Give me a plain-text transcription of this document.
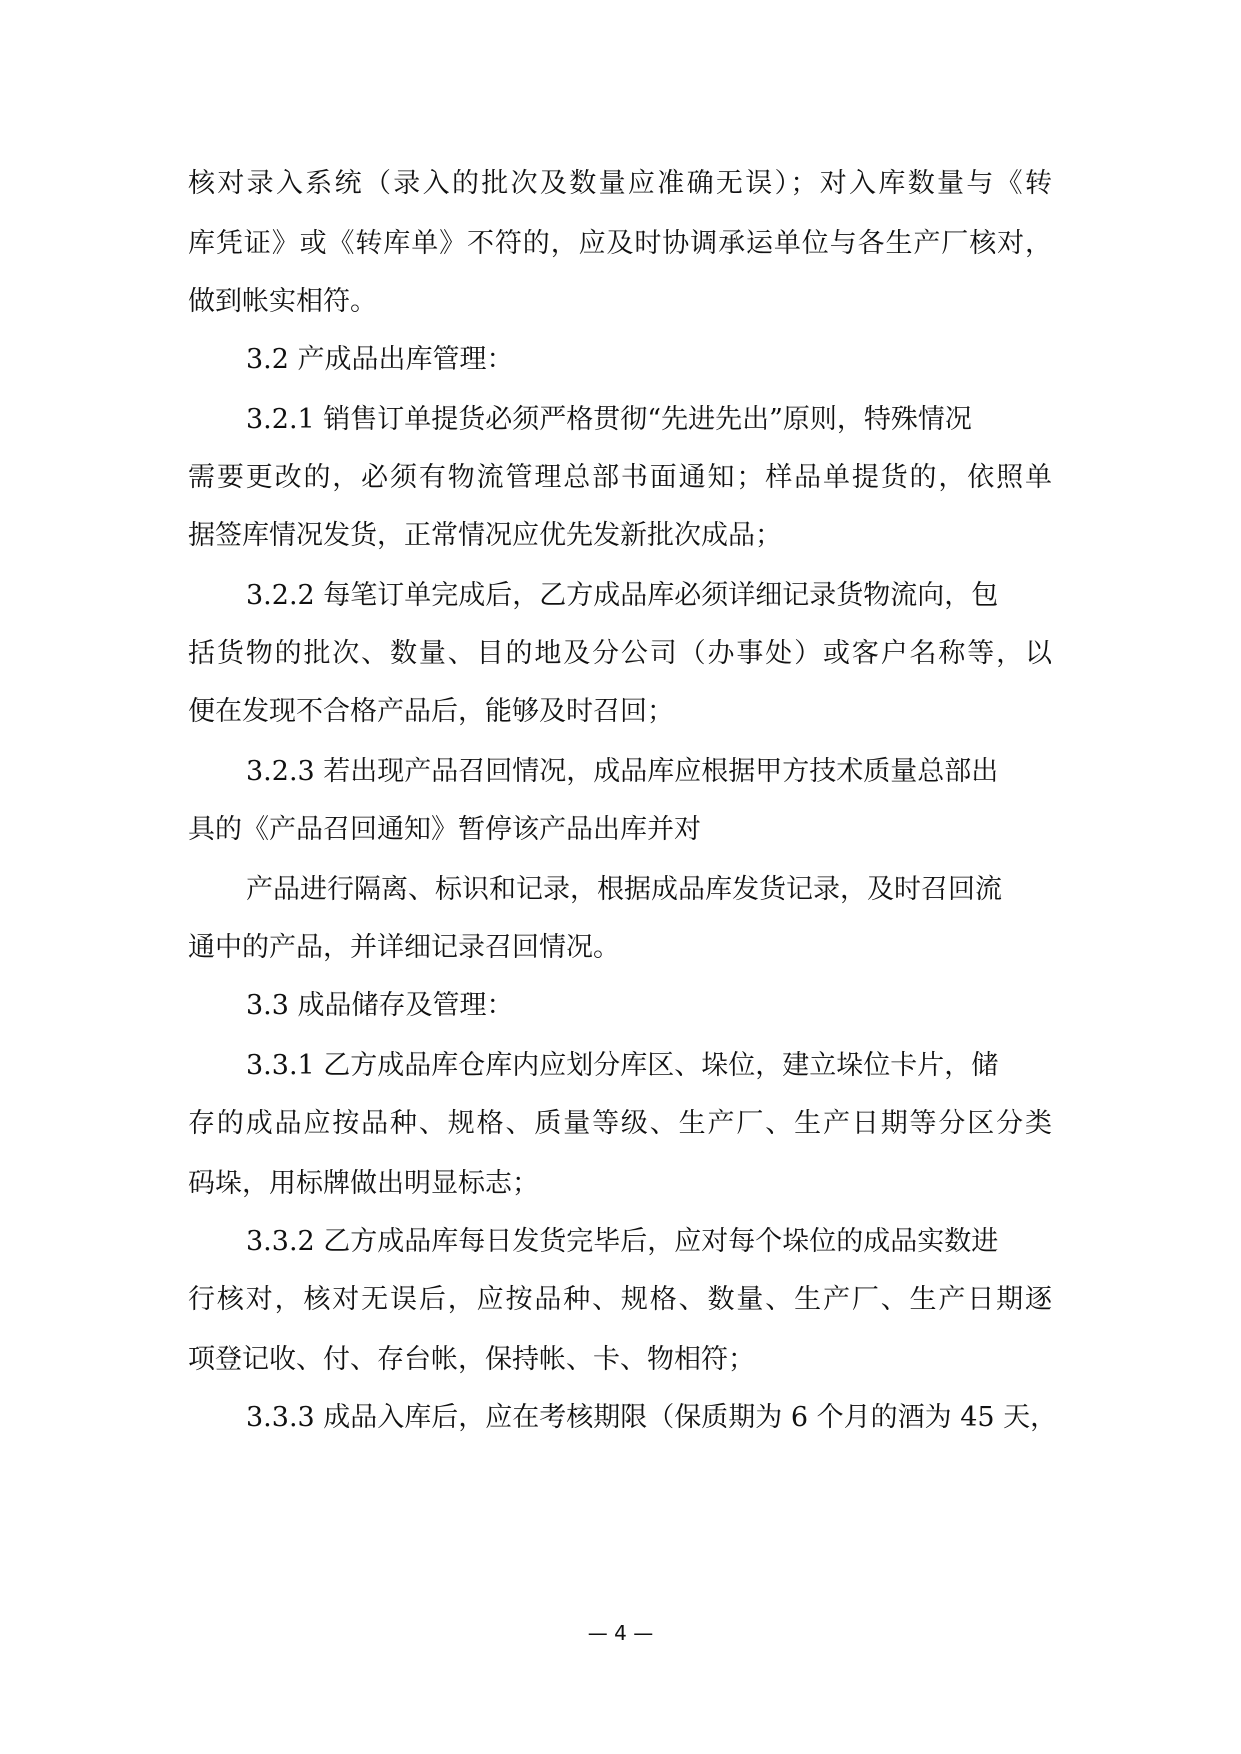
核对录入系统（录入的批次及数量应准确无误）；对入库数量与《转
库凭证》或《转库单》不符的，应及时协调承运单位与各生产厂核对，
做到帐实相符。
3.2 产成品出库管理：
3.2.1 销售订单提货必须严格贯彻“先进先出”原则，特殊情况
需要更改的，必须有物流管理总部书面通知；样品单提货的，依照单
据签库情况发货，正常情况应优先发新批次成品；
3.2.2 每笔订单完成后，乙方成品库必须详细记录货物流向，包
括货物的批次、数量、目的地及分公司（办事处）或客户名称等，以
便在发现不合格产品后，能够及时召回；
3.2.3 若出现产品召回情况，成品库应根据甲方技术质量总部出
具的《产品召回通知》暂停该产品出库并对
产品进行隔离、标识和记录，根据成品库发货记录，及时召回流
通中的产品，并详细记录召回情况。
3.3 成品储存及管理：
3.3.1 乙方成品库仓库内应划分库区、垛位，建立垛位卡片，储
存的成品应按品种、规格、质量等级、生产厂、生产日期等分区分类
码垛，用标牌做出明显标志；
3.3.2 乙方成品库每日发货完毕后，应对每个垛位的成品实数进
行核对，核对无误后，应按品种、规格、数量、生产厂、生产日期逐
项登记收、付、存台帐，保持帐、卡、物相符；
3.3.3 成品入库后，应在考核期限（保质期为 6 个月的酒为 45 天，
— 4 —
